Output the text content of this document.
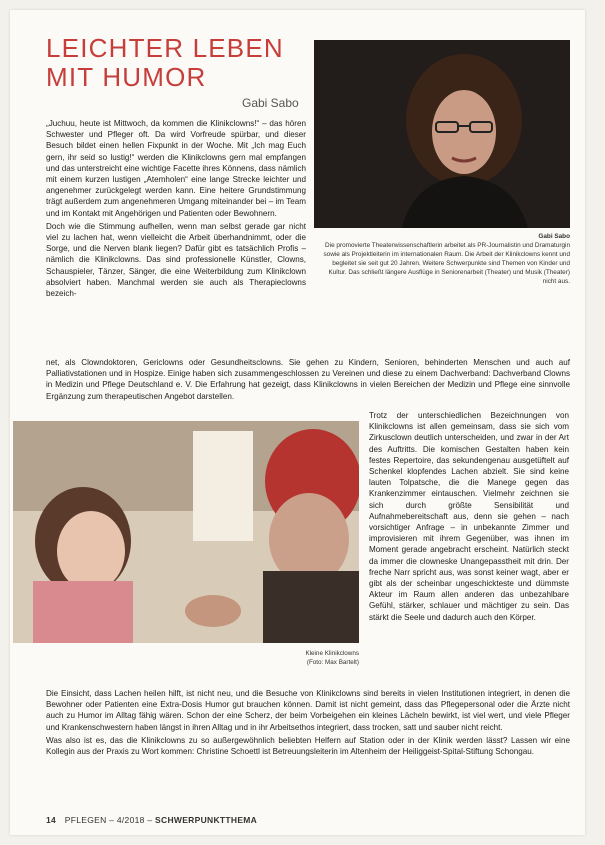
LEICHTER LEBEN
MIT HUMOR
Gabi Sabo

„Juchuu, heute ist Mittwoch, da kommen die Klinikclowns!“ – das hören Schwester und Pfleger oft. Da wird Vorfreude spürbar, und dieser Besuch bildet einen hellen Fixpunkt in der Woche. Mit „Ich mag Euch gern, ihr seid so lustig!“ werden die Klinikclowns gern mal empfangen und das unterstreicht eine wichtige Facette ihres Könnens, dass nämlich mit einem kurzen lustigen „Atemholen“ eine lange Strecke leichter und angenehmer zurückgelegt werden kann. Eine heitere Grundstimmung trägt außerdem zum angenehmeren Umgang miteinander bei – im Team und im Kontakt mit Angehörigen und Patienten oder Bewohnern.

Doch wie die Stimmung aufhellen, wenn man selbst gerade gar nicht viel zu lachen hat, wenn vielleicht die Arbeit überhandnimmt, oder die Sorge, und die Nerven blank liegen? Dafür gibt es tatsächlich Profis – nämlich die Klinikclowns. Das sind professionelle Künstler, Clowns, Schauspieler, Tänzer, Sänger, die eine Weiterbildung zum Klinikclown absolviert haben. Manchmal werden sie auch als Therapieclowns bezeich-

Gabi Sabo
Die promovierte Theaterwissenschaftlerin arbeitet als PR-Journalistin und Dramaturgin sowie als Projektleiterin im internationalen Raum. Die Arbeit der Klinikclowns kennt und begleitet sie seit gut 20 Jahren. Weitere Schwerpunkte sind Themen von Kinder und Kultur. Das schließt längere Ausflüge in Seniorenarbeit (Theater) und Musik (Theater) nicht aus.

net, als Clowndoktoren, Gericlowns oder Gesundheitsclowns. Sie gehen zu Kindern, Senioren, behinderten Menschen und auch auf Palliativstationen und in Hospize. Einige haben sich zusammengeschlossen zu Vereinen und diese zu einem Dachverband: Dachverband Clowns in Medizin und Pflege Deutschland e. V. Die Erfahrung hat gezeigt, dass Klinikclowns in vielen Bereichen der Medizin und Pflege eine sinnvolle Ergänzung zum therapeutischen Angebot darstellen.

Kleine Klinikclowns
(Foto: Max Bartelt)

Trotz der unterschiedlichen Bezeichnungen von Klinikclowns ist allen gemeinsam, dass sie sich vom Zirkusclown deutlich unterscheiden, und zwar in der Art des Auftritts. Die komischen Gestalten haben kein festes Repertoire, das sekundengenau ausgetüftelt auf Schenkel klopfendes Lachen abzielt. Sie sind keine lauten Tolpatsche, die die Manege gegen das Krankenzimmer eintauschen. Vielmehr zeichnen sie sich durch größte Sensibilität und Aufnahmebereitschaft aus, denn sie gehen – nach vorsichtiger Anfrage – in unbekannte Zimmer und improvisieren mit ihrem Gegenüber, was ihnen im Moment gerade angebracht erscheint. Natürlich steckt da immer die clowneske Unangepasstheit mit drin. Der freche Narr spricht aus, was sonst keiner wagt, aber er gibt als der scheinbar ungeschickteste und dümmste Akteur im Raum allen anderen das unbezahlbare Gefühl, stärker, schlauer und mächtiger zu sein. Das stärkt die Seele und dadurch auch den Körper.

Die Einsicht, dass Lachen heilen hilft, ist nicht neu, und die Besuche von Klinikclowns sind bereits in vielen Institutionen integriert, in denen die Bewohner oder Patienten eine Extra-Dosis Humor gut brauchen können. Damit ist nicht gemeint, dass das Pflegepersonal oder die Ärzte nicht auch zu Humor im Alltag fähig wären. Schon der eine Scherz, der beim Vorbeigehen ein kleines Lächeln bewirkt, ist viel wert, und viele Pfleger und Krankenschwestern haben längst in ihren Alltag und in ihr Arbeitsethos integriert, dass trocken, satt und sauber nicht reicht.

Was also ist es, das die Klinikclowns zu so außergewöhnlich beliebten Helfern auf Station oder in der Klinik werden lässt? Lassen wir eine Kollegin aus der Praxis zu Wort kommen: Christine Schoettl ist Betreuungsleiterin im Altenheim der Heiliggeist-Spital-Stiftung Schongau.

14 PFLEGEN – 4/2018 – SCHWERPUNKTTHEMA
